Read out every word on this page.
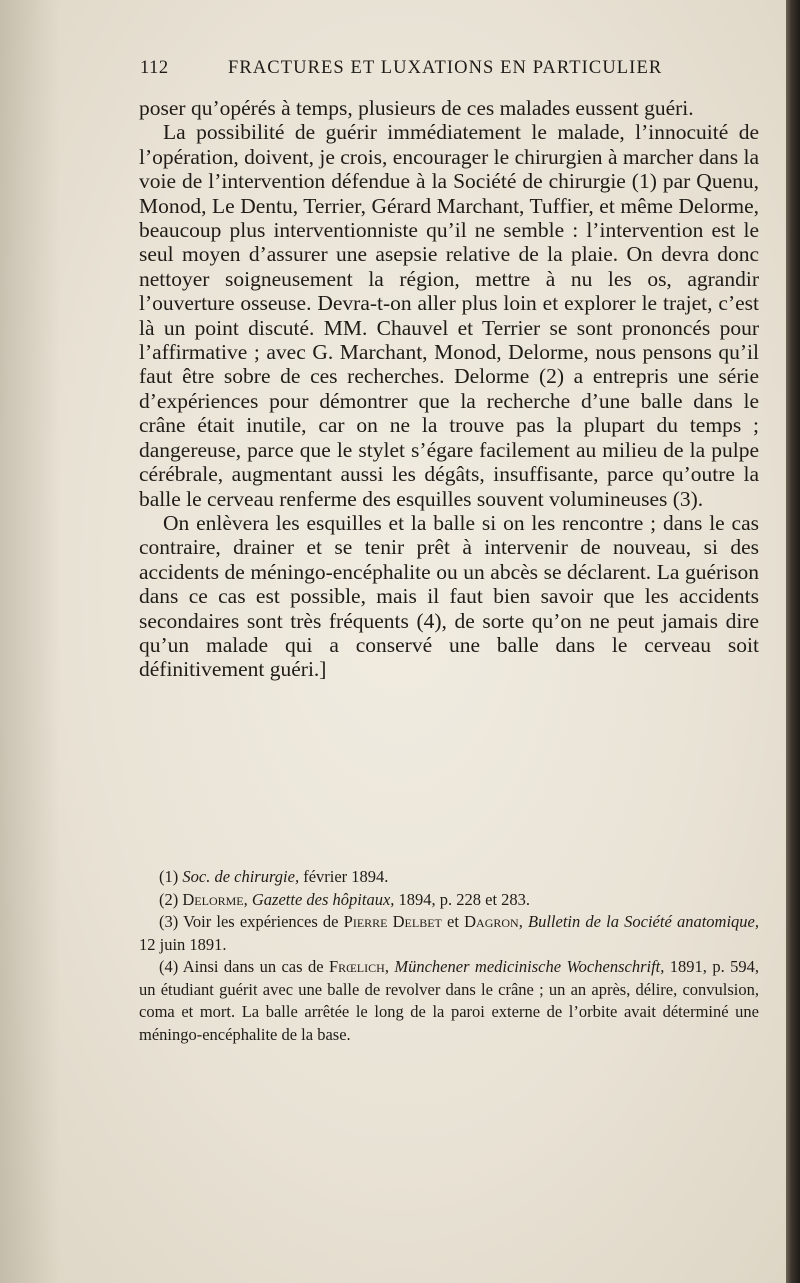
112	FRACTURES ET LUXATIONS EN PARTICULIER

poser qu’opérés à temps, plusieurs de ces malades eussent guéri.

La possibilité de guérir immédiatement le malade, l’innocuité de l’opération, doivent, je crois, encourager le chirurgien à marcher dans la voie de l’intervention défendue à la Société de chirurgie (1) par Quenu, Monod, Le Dentu, Terrier, Gérard Marchant, Tuffier, et même Delorme, beaucoup plus interventionniste qu’il ne semble : l’intervention est le seul moyen d’assurer une asepsie relative de la plaie. On devra donc nettoyer soigneusement la région, mettre à nu les os, agrandir l’ouverture osseuse. Devra-t-on aller plus loin et explorer le trajet, c’est là un point discuté. MM. Chauvel et Terrier se sont prononcés pour l’affirmative ; avec G. Marchant, Monod, Delorme, nous pensons qu’il faut être sobre de ces recherches. Delorme (2) a entrepris une série d’expériences pour démontrer que la recherche d’une balle dans le crâne était inutile, car on ne la trouve pas la plupart du temps ; dangereuse, parce que le stylet s’égare facilement au milieu de la pulpe cérébrale, augmentant aussi les dégâts, insuffisante, parce qu’outre la balle le cerveau renferme des esquilles souvent volumineuses (3).

On enlèvera les esquilles et la balle si on les rencontre ; dans le cas contraire, drainer et se tenir prêt à intervenir de nouveau, si des accidents de méningo-encéphalite ou un abcès se déclarent. La guérison dans ce cas est possible, mais il faut bien savoir que les accidents secondaires sont très fréquents (4), de sorte qu’on ne peut jamais dire qu’un malade qui a conservé une balle dans le cerveau soit définitivement guéri.]

(1) Soc. de chirurgie, février 1894.

(2) Delorme, Gazette des hôpitaux, 1894, p. 228 et 283.

(3) Voir les expériences de Pierre Delbet et Dagron, Bulletin de la Société anatomique, 12 juin 1891.

(4) Ainsi dans un cas de Frœlich, Münchener medicinische Wochenschrift, 1891, p. 594, un étudiant guérit avec une balle de revolver dans le crâne ; un an après, délire, convulsion, coma et mort. La balle arrêtée le long de la paroi externe de l’orbite avait déterminé une méningo-encéphalite de la base.
